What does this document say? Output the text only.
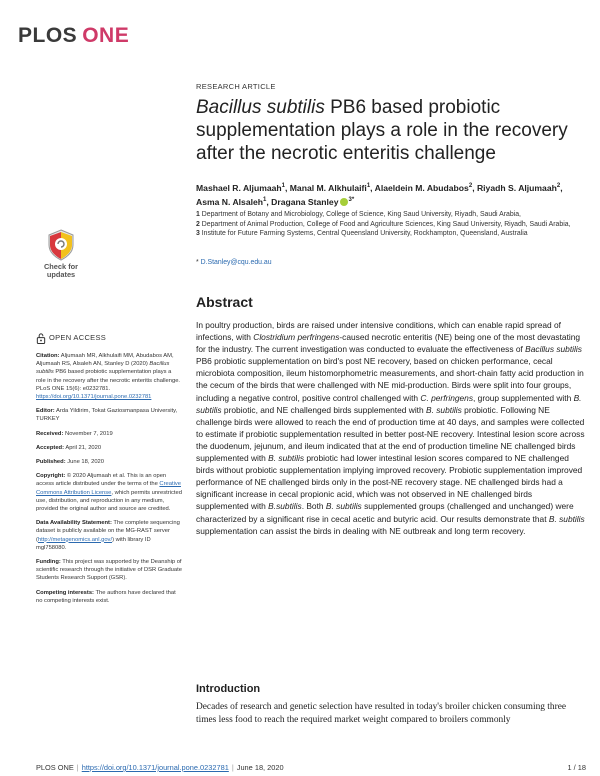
PLOS ONE
RESEARCH ARTICLE
Bacillus subtilis PB6 based probiotic supplementation plays a role in the recovery after the necrotic enteritis challenge
Mashael R. Aljumaah$^1$, Manal M. Alkhulaifi$^1$, Alaeldein M. Abudabos$^2$, Riyadh S. Aljumaah$^2$, Asma N. Alsaleh$^1$, Dragana Stanley $^{3*}$
1 Department of Botany and Microbiology, College of Science, King Saud University, Riyadh, Saudi Arabia,
2 Department of Animal Production, College of Food and Agriculture Sciences, King Saud University, Riyadh, Saudi Arabia,
3 Institute for Future Farming Systems, Central Queensland University, Rockhampton, Queensland, Australia
* D.Stanley@cqu.edu.au
Check for
updates
Abstract

In poultry production, birds are raised under intensive conditions, which can enable rapid spread of infections, with Clostridium perfringens-caused necrotic enteritis (NE) being one of the most devastating for the industry. The current investigation was conducted to evaluate the effectiveness of Bacillus subtilis PB6 probiotic supplementation on bird's post NE recovery, based on chicken performance, cecal microbiota composition, ileum histomorphometric measurements, and short-chain fatty acid production in the cecum of the birds that were challenged with NE mid-production. Birds were split into four groups, including a negative control, positive control challenged with C. perfringens, group supplemented with B. subtilis probiotic, and NE challenged birds supplemented with B. subtilis probiotic. Following NE challenge birds were allowed to reach the end of production time at 40 days, and samples were collected to estimate if probiotic supplementation resulted in better post-NE recovery. Intestinal lesion score across the duodenum, jejunum, and ileum indicated that at the end of production timeline NE challenged birds supplemented with B. subtilis probiotic had lower intestinal lesion scores compared to NE challenged birds without probiotic supplementation implying improved recovery. Probiotic supplementation improved performance of NE challenged birds only in the post-NE recovery stage. NE challenged birds had a significant increase in cecal propionic acid, which was not observed in NE challenged birds supplemented with B.subtilis. Both B. subtilis supplemented groups (challenged and unchanged) were characterized by a significant rise in cecal acetic and butyric acid. Our results demonstrate that B. subtilis supplementation can assist the birds in dealing with NE outbreak and long term recovery.

Introduction

Decades of research and genetic selection have resulted in today's broiler chicken consuming three times less food to reach the required market weight compared to broilers commonly

OPEN ACCESS
Citation: Aljumaah MR, Alkhulaifi MM, Abudabos AM, Aljumaah RS, Alsaleh AN, Stanley D (2020) Bacillus subtilis PB6 based probiotic supplementation plays a role in the recovery after the necrotic enteritis challenge. PLoS ONE 15(6): e0232781. https://doi.org/10.1371/journal.pone.0232781
Editor: Arda Yildirim, Tokat Gaziosmanpasa University, TURKEY
Received: November 7, 2019
Accepted: April 21, 2020
Published: June 18, 2020
Copyright: © 2020 Aljumaah et al. This is an open access article distributed under the terms of the Creative Commons Attribution License, which permits unrestricted use, distribution, and reproduction in any medium, provided the original author and source are credited.
Data Availability Statement: The complete sequencing dataset is publicly available on the MG-RAST server (http://metagenomics.anl.gov/) with library ID mgl758080.
Funding: This project was supported by the Deanship of scientific research through the initiative of DSR Graduate Students Research Support (GSR).
Competing interests: The authors have declared that no competing interests exist.
PLOS ONE | https://doi.org/10.1371/journal.pone.0232781 | June 18, 2020	1 / 18
